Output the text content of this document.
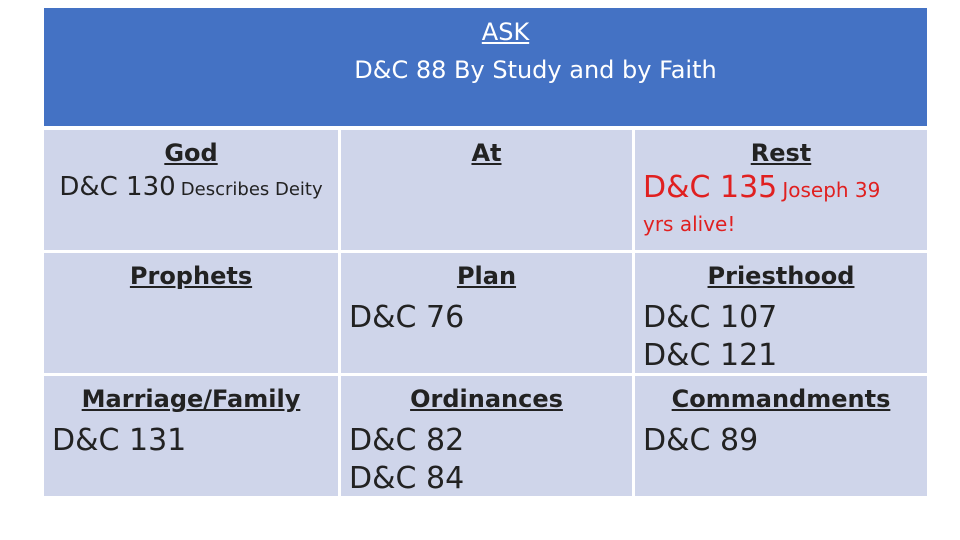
ASK
D&C 88 By Study and by Faith
God
D&C 130 Describes Deity
At	Rest
D&C 135 Joseph 39
yrs alive!
Prophets	Plan
D&C 76
Priesthood
D&C 107
D&C 121
Marriage/Family
D&C 131
Ordinances
D&C 82
D&C 84
Commandments
D&C 89
